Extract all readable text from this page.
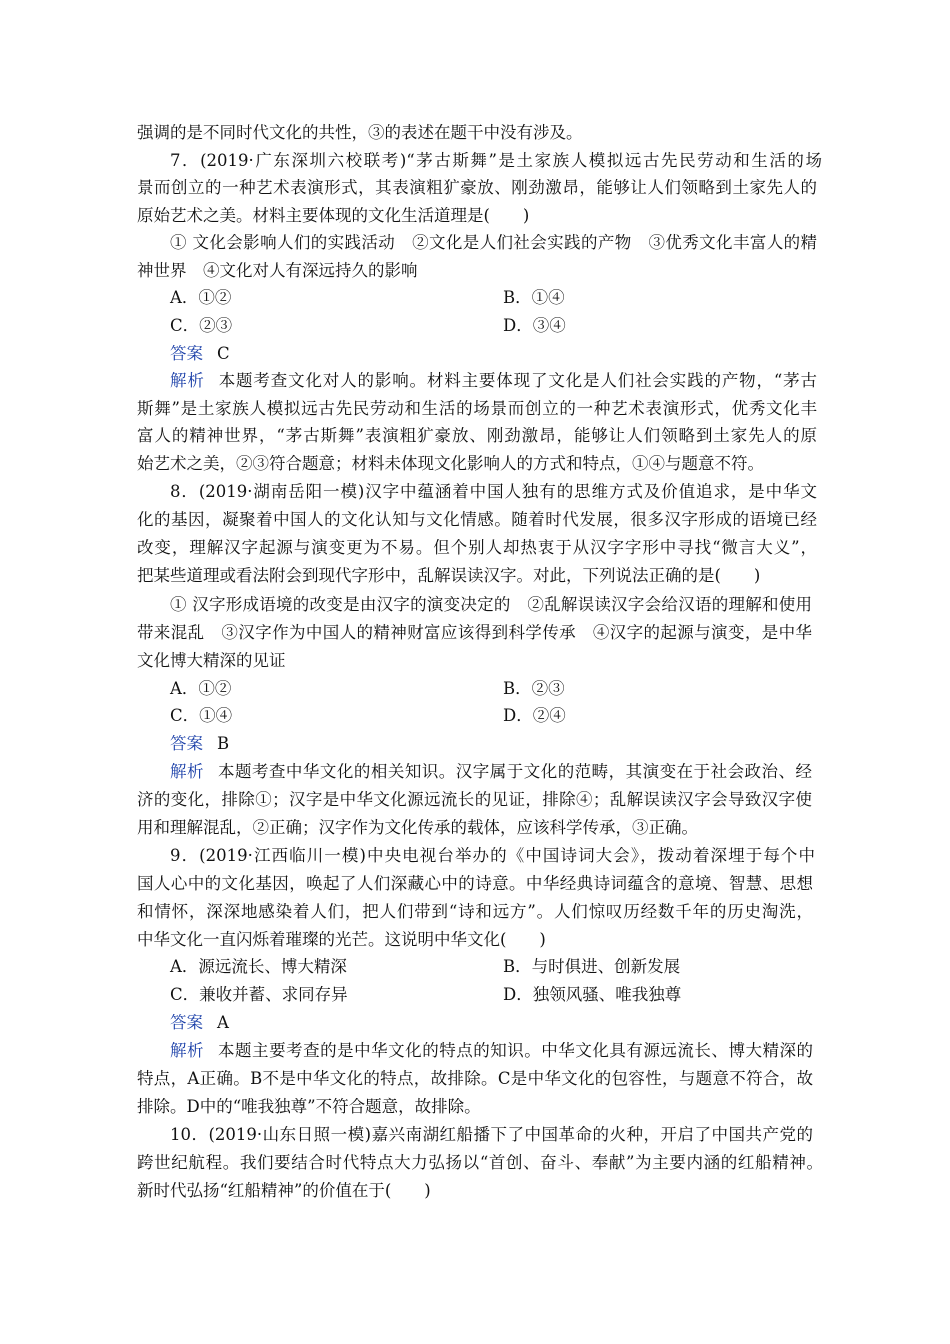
强调的是不同时代文化的共性，③的表述在题干中没有涉及。
7．(2019·广东深圳六校联考)“茅古斯舞”是土家族人模拟远古先民劳动和生活的场
景而创立的一种艺术表演形式，其表演粗犷豪放、刚劲激昂，能够让人们领略到土家先人的
原始艺术之美。材料主要体现的文化生活道理是(　　)
① 文化会影响人们的实践活动　②文化是人们社会实践的产物　③优秀文化丰富人的精
神世界　④文化对人有深远持久的影响
A．①②	B．①④
C．②③	D．③④
答案 C
解析 本题考查文化对人的影响。材料主要体现了文化是人们社会实践的产物，“茅古
斯舞”是土家族人模拟远古先民劳动和生活的场景而创立的一种艺术表演形式，优秀文化丰
富人的精神世界，“茅古斯舞”表演粗犷豪放、刚劲激昂，能够让人们领略到土家先人的原
始艺术之美，②③符合题意；材料未体现文化影响人的方式和特点，①④与题意不符。
8．(2019·湖南岳阳一模)汉字中蕴涵着中国人独有的思维方式及价值追求，是中华文
化的基因，凝聚着中国人的文化认知与文化情感。随着时代发展，很多汉字形成的语境已经
改变，理解汉字起源与演变更为不易。但个别人却热衷于从汉字字形中寻找“微言大义”，
把某些道理或看法附会到现代字形中，乱解误读汉字。对此，下列说法正确的是(　　)
① 汉字形成语境的改变是由汉字的演变决定的　②乱解误读汉字会给汉语的理解和使用
带来混乱　③汉字作为中国人的精神财富应该得到科学传承　④汉字的起源与演变，是中华
文化博大精深的见证
A．①②	B．②③
C．①④	D．②④
答案 B
解析 本题考查中华文化的相关知识。汉字属于文化的范畴，其演变在于社会政治、经
济的变化，排除①；汉字是中华文化源远流长的见证，排除④；乱解误读汉字会导致汉字使
用和理解混乱，②正确；汉字作为文化传承的载体，应该科学传承，③正确。
9．(2019·江西临川一模)中央电视台举办的《中国诗词大会》，拨动着深埋于每个中
国人心中的文化基因，唤起了人们深藏心中的诗意。中华经典诗词蕴含的意境、智慧、思想
和情怀，深深地感染着人们，把人们带到“诗和远方”。人们惊叹历经数千年的历史淘洗，
中华文化一直闪烁着璀璨的光芒。这说明中华文化(　　)
A．源远流长、博大精深	B．与时俱进、创新发展
C．兼收并蓄、求同存异	D．独领风骚、唯我独尊
答案 A
解析 本题主要考查的是中华文化的特点的知识。中华文化具有源远流长、博大精深的
特点，A正确。B不是中华文化的特点，故排除。C是中华文化的包容性，与题意不符合，故
排除。D中的“唯我独尊”不符合题意，故排除。
10．(2019·山东日照一模)嘉兴南湖红船播下了中国革命的火种，开启了中国共产党的
跨世纪航程。我们要结合时代特点大力弘扬以“首创、奋斗、奉献”为主要内涵的红船精神。
新时代弘扬“红船精神”的价值在于(　　)
